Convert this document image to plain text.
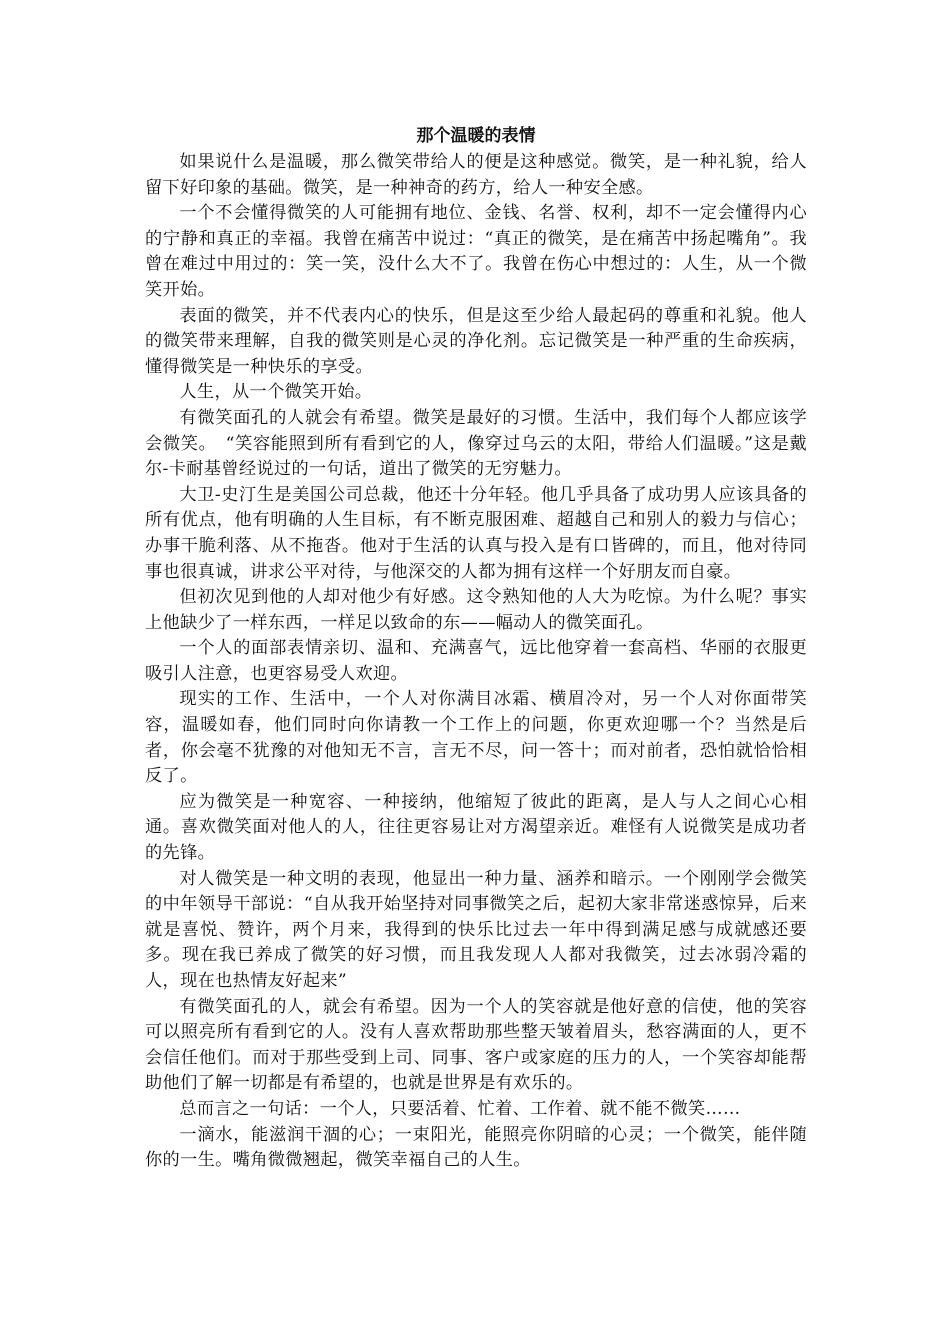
那个温暖的表情

如果说什么是温暖，那么微笑带给人的便是这种感觉。微笑，是一种礼貌，给人留下好印象的基础。微笑，是一种神奇的药方，给人一种安全感。

一个不会懂得微笑的人可能拥有地位、金钱、名誉、权利，却不一定会懂得内心的宁静和真正的幸福。我曾在痛苦中说过：“真正的微笑，是在痛苦中扬起嘴角”。我曾在难过中用过的：笑一笑，没什么大不了。我曾在伤心中想过的：人生，从一个微笑开始。

表面的微笑，并不代表内心的快乐，但是这至少给人最起码的尊重和礼貌。他人的微笑带来理解，自我的微笑则是心灵的净化剂。忘记微笑是一种严重的生命疾病，懂得微笑是一种快乐的享受。

人生，从一个微笑开始。

有微笑面孔的人就会有希望。微笑是最好的习惯。生活中，我们每个人都应该学会微笑。　“笑容能照到所有看到它的人，像穿过乌云的太阳，带给人们温暖。”这是戴尔-卡耐基曾经说过的一句话，道出了微笑的无穷魅力。

大卫-史汀生是美国公司总裁，他还十分年轻。他几乎具备了成功男人应该具备的所有优点，他有明确的人生目标，有不断克服困难、超越自己和别人的毅力与信心；办事干脆利落、从不拖沓。他对于生活的认真与投入是有口皆碑的，而且，他对待同事也很真诚，讲求公平对待，与他深交的人都为拥有这样一个好朋友而自豪。

但初次见到他的人却对他少有好感。这令熟知他的人大为吃惊。为什么呢？事实上他缺少了一样东西，一样足以致命的东——幅动人的微笑面孔。

一个人的面部表情亲切、温和、充满喜气，远比他穿着一套高档、华丽的衣服更吸引人注意，也更容易受人欢迎。

现实的工作、生活中，一个人对你满目冰霜、横眉冷对，另一个人对你面带笑容，温暖如春，他们同时向你请教一个工作上的问题，你更欢迎哪一个？当然是后者，你会毫不犹豫的对他知无不言，言无不尽，问一答十；而对前者，恐怕就恰恰相反了。

应为微笑是一种宽容、一种接纳，他缩短了彼此的距离，是人与人之间心心相通。喜欢微笑面对他人的人，往往更容易让对方渴望亲近。难怪有人说微笑是成功者的先锋。

对人微笑是一种文明的表现，他显出一种力量、涵养和暗示。一个刚刚学会微笑的中年领导干部说：“自从我开始坚持对同事微笑之后，起初大家非常迷惑惊异，后来就是喜悦、赞许，两个月来，我得到的快乐比过去一年中得到满足感与成就感还要多。现在我已养成了微笑的好习惯，而且我发现人人都对我微笑，过去冰弱冷霜的人，现在也热情友好起来”

有微笑面孔的人，就会有希望。因为一个人的笑容就是他好意的信使，他的笑容可以照亮所有看到它的人。没有人喜欢帮助那些整天皱着眉头，愁容满面的人，更不会信任他们。而对于那些受到上司、同事、客户或家庭的压力的人，一个笑容却能帮助他们了解一切都是有希望的，也就是世界是有欢乐的。

总而言之一句话：一个人，只要活着、忙着、工作着、就不能不微笑……

一滴水，能滋润干涸的心；一束阳光，能照亮你阴暗的心灵；一个微笑，能伴随你的一生。嘴角微微翘起，微笑幸福自己的人生。
